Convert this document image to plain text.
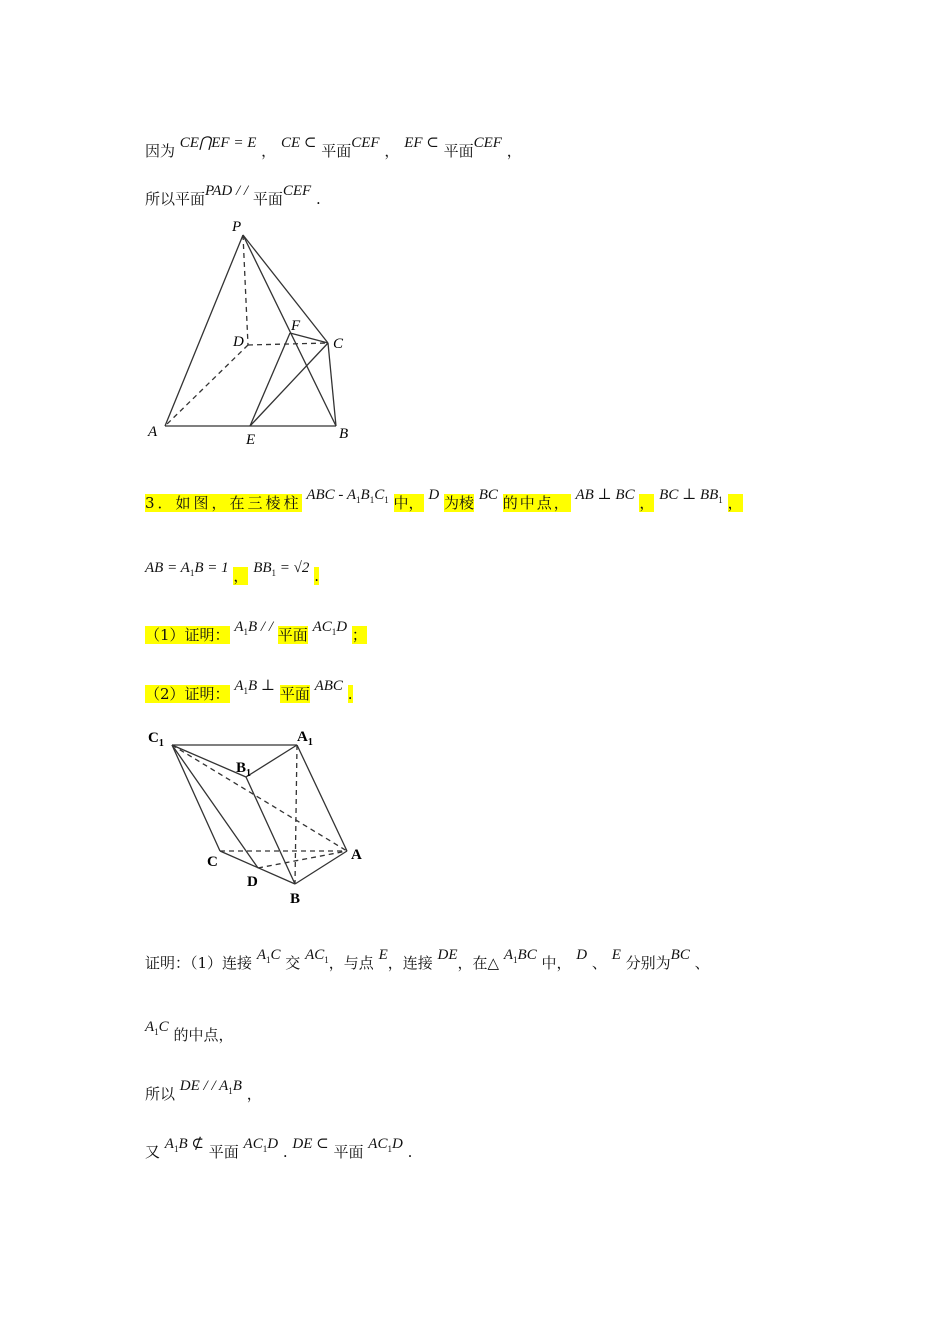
因为 CE⋂EF = E ， CE ⊂ 平面CEF ， EF ⊂ 平面CEF ，
所以平面PAD / / 平面CEF .
P
D
F
C
A	E	B
3．如图，在三棱柱 ABC - $A_1B_1C_1$ 中， D 为棱 BC 的中点， AB ⊥ BC ， BC ⊥ $BB_1$ ，
AB = $A_1B = 1$ ， $BB_1 = √2$ .
（1）证明： $A_1B$ / / 平面 $AC_1D$ ；
（2）证明： $A_1B$ ⊥ 平面 ABC .
$C_1$	$A_1$
$B_1$
C
D
A
B
证明：（1）连接 $A_1C$ 交 $AC_1$，与点 E，连接 DE，在△ $A_1BC$ 中， D 、 E 分别为BC 、
$A_1C$ 的中点，
所以 DE / / $A_1B$ ，
又 $A_1B$ ⊄ 平面 $AC_1D$ . DE ⊂ 平面 $AC_1D$ .
